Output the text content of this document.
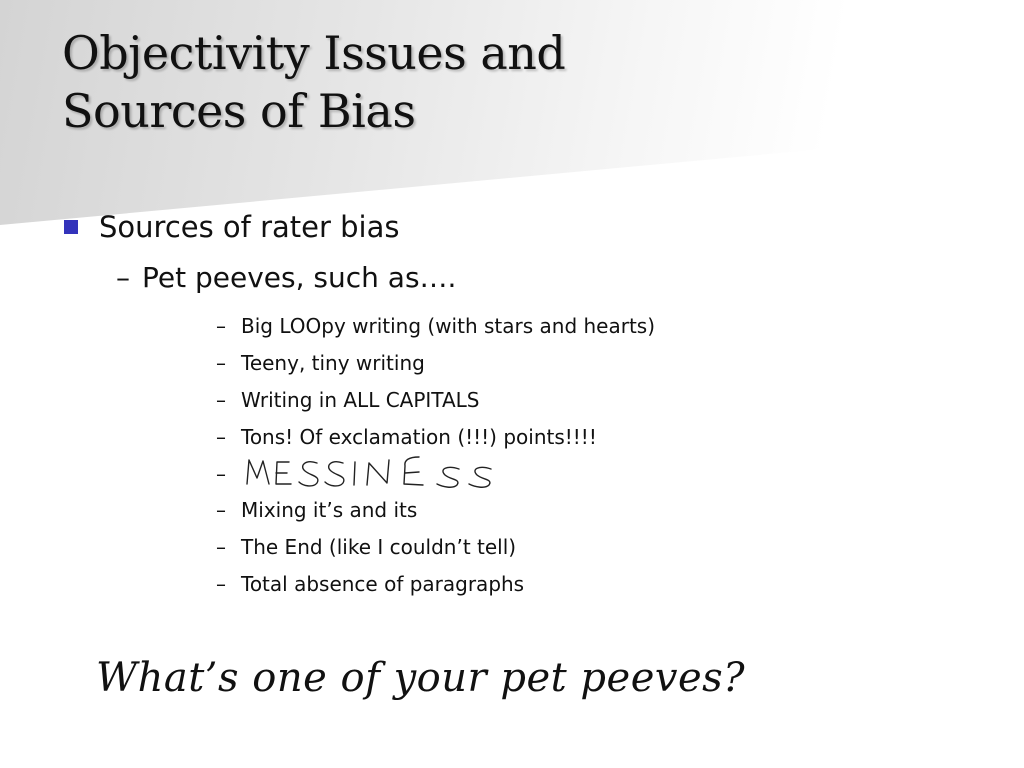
Objectivity Issues and
Sources of Bias
Sources of rater bias
– Pet peeves, such as….
– Big LOOpy writing (with stars and hearts)
– Teeny, tiny writing
– Writing in ALL CAPITALS
– Tons! Of exclamation (!!!) points!!!!
–
– Mixing it’s and its
– The End (like I couldn’t tell)
– Total absence of paragraphs
What’s one of your pet peeves?
